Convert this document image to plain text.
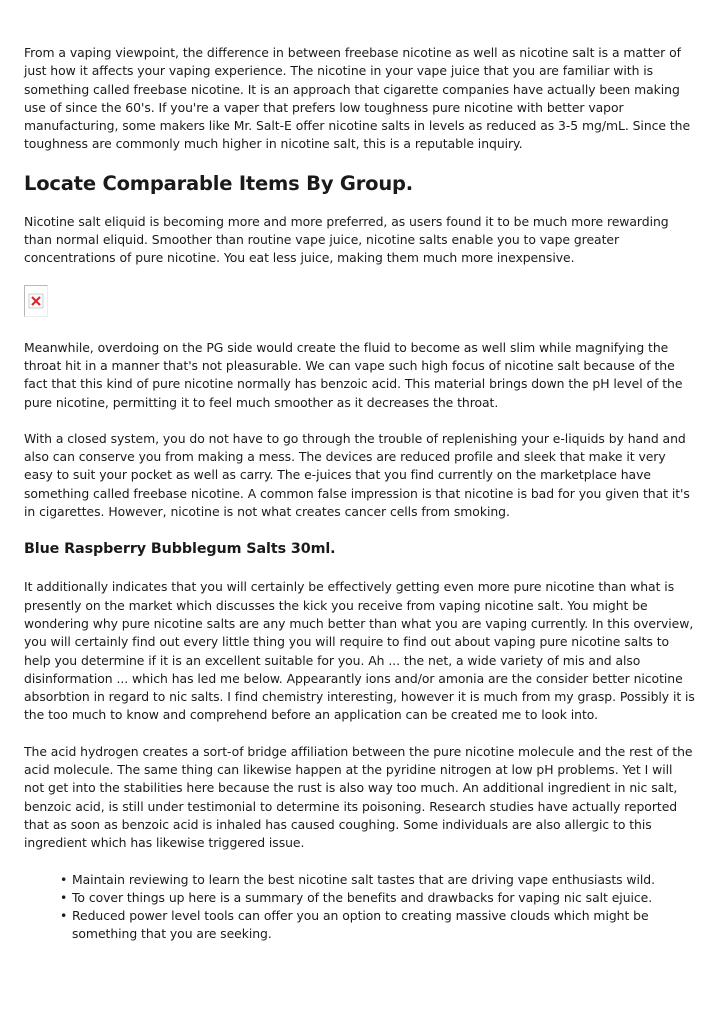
From a vaping viewpoint, the difference in between freebase nicotine as well as nicotine salt is a matter of just how it affects your vaping experience. The nicotine in your vape juice that you are familiar with is something called freebase nicotine. It is an approach that cigarette companies have actually been making use of since the 60's. If you're a vaper that prefers low toughness pure nicotine with better vapor manufacturing, some makers like Mr. Salt-E offer nicotine salts in levels as reduced as 3-5 mg/mL. Since the toughness are commonly much higher in nicotine salt, this is a reputable inquiry.

Locate Comparable Items By Group.

Nicotine salt eliquid is becoming more and more preferred, as users found it to be much more rewarding than normal eliquid. Smoother than routine vape juice, nicotine salts enable you to vape greater concentrations of pure nicotine. You eat less juice, making them much more inexpensive.

Meanwhile, overdoing on the PG side would create the fluid to become as well slim while magnifying the throat hit in a manner that's not pleasurable. We can vape such high focus of nicotine salt because of the fact that this kind of pure nicotine normally has benzoic acid. This material brings down the pH level of the pure nicotine, permitting it to feel much smoother as it decreases the throat.

With a closed system, you do not have to go through the trouble of replenishing your e-liquids by hand and also can conserve you from making a mess. The devices are reduced profile and sleek that make it very easy to suit your pocket as well as carry. The e-juices that you find currently on the marketplace have something called freebase nicotine. A common false impression is that nicotine is bad for you given that it's in cigarettes. However, nicotine is not what creates cancer cells from smoking.

Blue Raspberry Bubblegum Salts 30ml.

It additionally indicates that you will certainly be effectively getting even more pure nicotine than what is presently on the market which discusses the kick you receive from vaping nicotine salt. You might be wondering why pure nicotine salts are any much better than what you are vaping currently. In this overview, you will certainly find out every little thing you will require to find out about vaping pure nicotine salts to help you determine if it is an excellent suitable for you. Ah ... the net, a wide variety of mis and also disinformation ... which has led me below. Appearantly ions and/or amonia are the consider better nicotine absorbtion in regard to nic salts. I find chemistry interesting, however it is much from my grasp. Possibly it is the too much to know and comprehend before an application can be created me to look into.

The acid hydrogen creates a sort-of bridge affiliation between the pure nicotine molecule and the rest of the acid molecule. The same thing can likewise happen at the pyridine nitrogen at low pH problems. Yet I will not get into the stabilities here because the rust is also way too much. An additional ingredient in nic salt, benzoic acid, is still under testimonial to determine its poisoning. Research studies have actually reported that as soon as benzoic acid is inhaled has caused coughing. Some individuals are also allergic to this ingredient which has likewise triggered issue.

• Maintain reviewing to learn the best nicotine salt tastes that are driving vape enthusiasts wild.
• To cover things up here is a summary of the benefits and drawbacks for vaping nic salt ejuice.
• Reduced power level tools can offer you an option to creating massive clouds which might be something that you are seeking.
